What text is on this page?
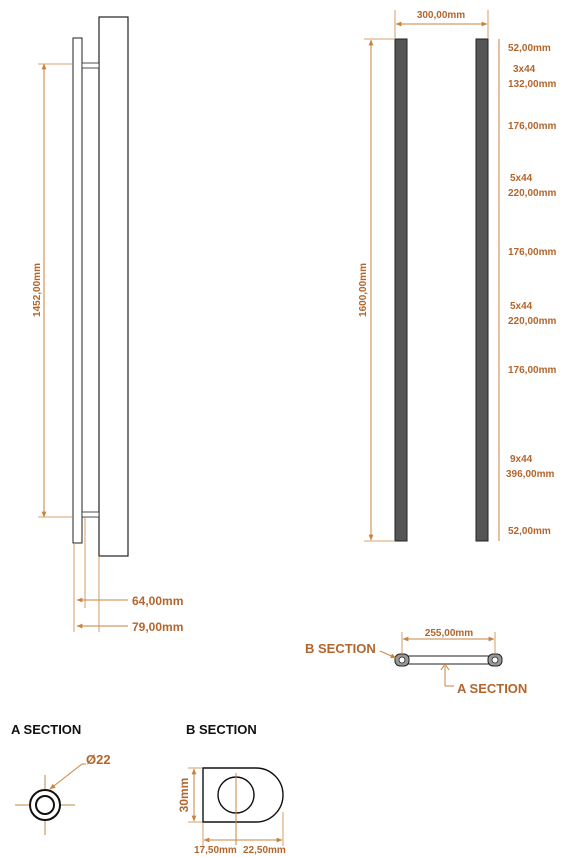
1452,00mm
64,00mm
79,00mm
300,00mm
1600,00mm
52,00mm
3x44
132,00mm
176,00mm
5x44
220,00mm
176,00mm
5x44
220,00mm
176,00mm
9x44
396,00mm
52,00mm
255,00mm
B SECTION
A SECTION
A SECTION
Ø22
B SECTION
30mm
17,50mm 22,50mm
